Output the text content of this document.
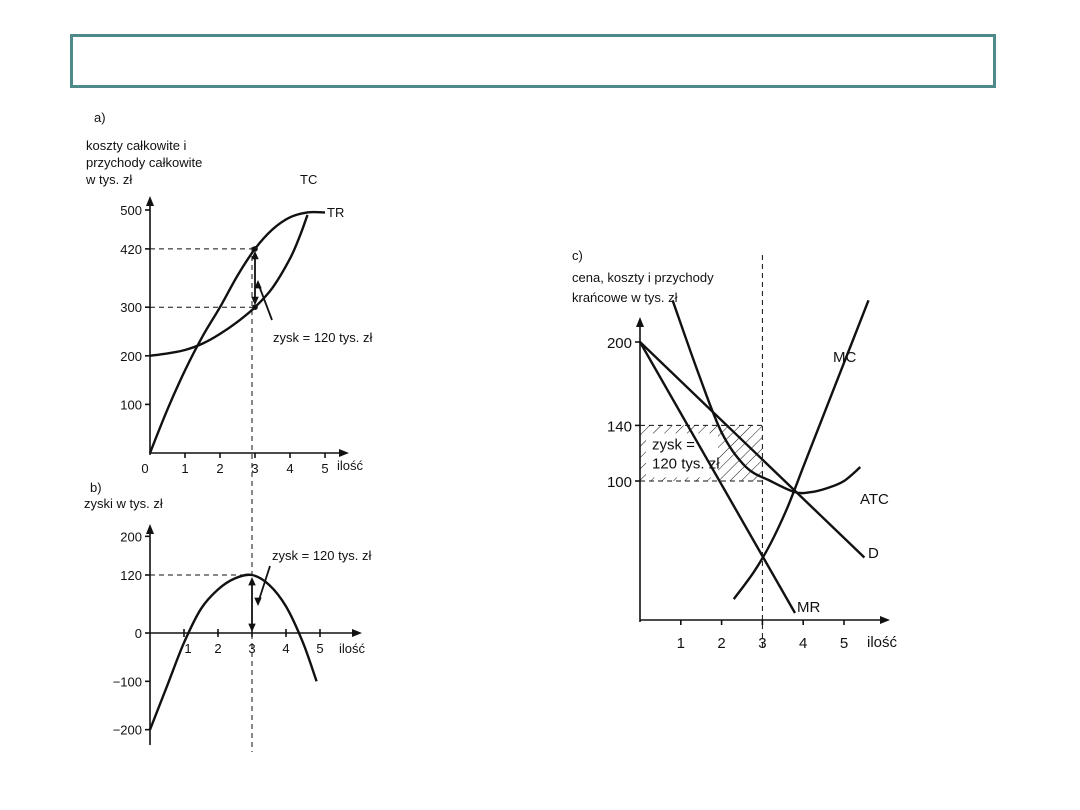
a)
koszty całkowite i
przychody całkowite
w tys. zł
100
200
300
420
500
0	1 2 3 4 5 ilość
TC
TR
zysk = 120 tys. zł
b)
zyski w tys. zł
−200
−100
0
120
200
1 2 3 4 5 ilość
zysk = 120 tys. zł
c)
cena, koszty i przychody
krańcowe w tys. zł
zysk =
120 tys. zł
100
140
200
1 2 3 4 5 ilość
D
MR
MC
ATC
